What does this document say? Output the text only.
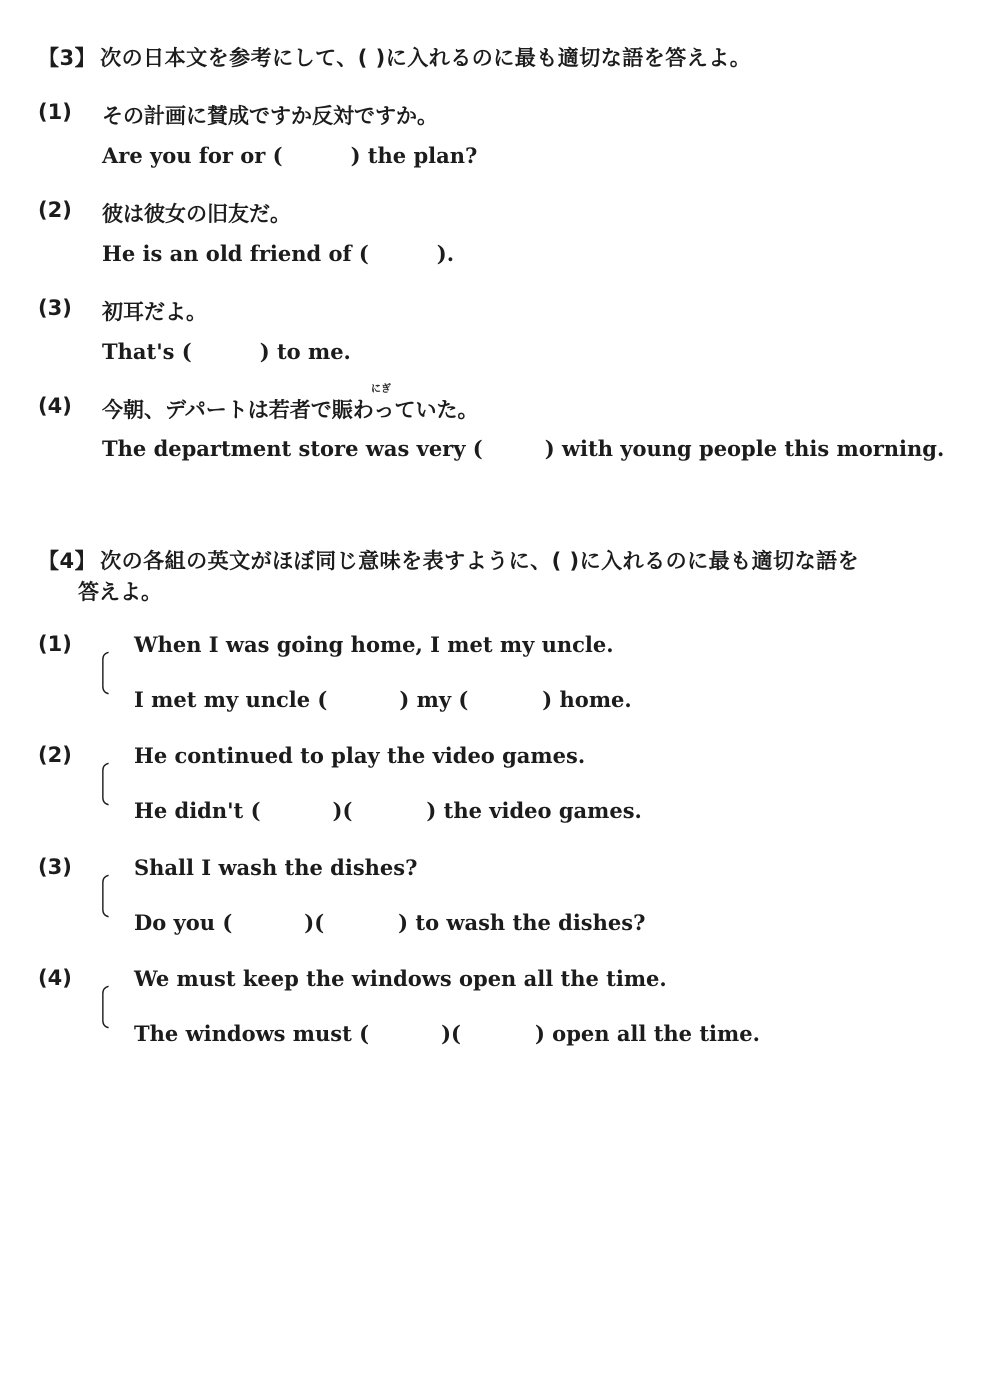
【3】 次の日本文を参考にして、( )に入れるのに最も適切な語を答えよ。
(1) その計画に賛成ですか反対ですか。
Are you for or (	) the plan?
(2) 彼は彼女の旧友だ。
He is an old friend of (	).
(3) 初耳だよ。
That's (	) to me.
にぎ
(4) 今朝、デパートは若者で賑わっていた。
The department store was very (	) with young people this morning.
【4】 次の各組の英文がほぼ同じ意味を表すように、( )に入れるのに最も適切な語を
答えよ。
(1)	When I was going home, I met my uncle.
I met my uncle (	) my (	) home.
(2)	He continued to play the video games.
He didn't (	)(	) the video games.
(3)	Shall I wash the dishes?
Do you (	)(	) to wash the dishes?
(4)	We must keep the windows open all the time.
The windows must (	)(	) open all the time.
